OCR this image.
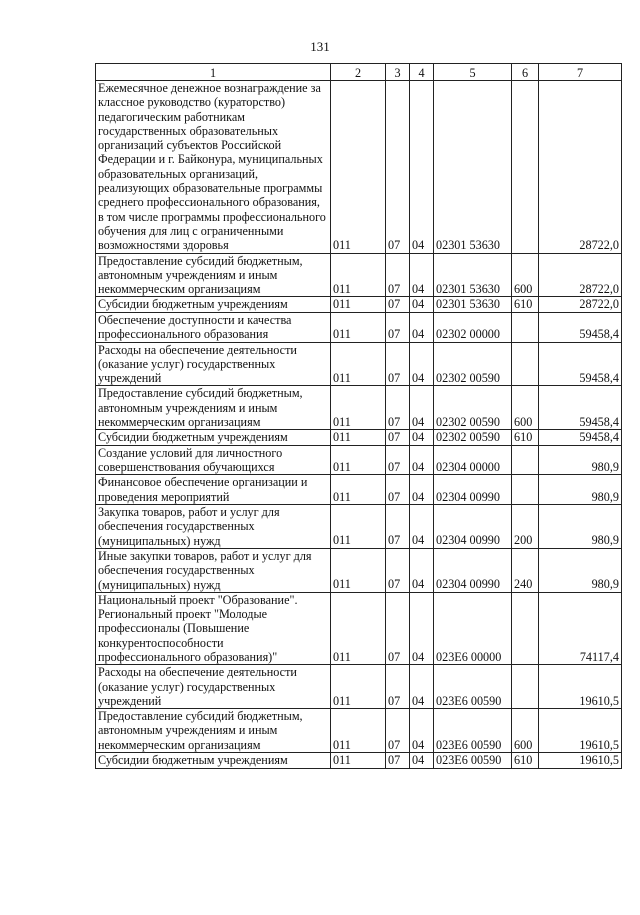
131
1	2	3	4	5	6	7
Ежемесячное денежное вознаграждение за классное руководство (кураторство) педагогическим работникам государственных образовательных организаций субъектов Российской Федерации и г. Байконура, муниципальных образовательных организаций, реализующих образовательные программы среднего профессионального образования, в том числе программы профессионального обучения для лиц с ограниченными возможностями здоровья	011	07	04	02301 53630		28722,0
Предоставление субсидий бюджетным, автономным учреждениям и иным некоммерческим организациям	011	07	04	02301 53630	600	28722,0
Субсидии бюджетным учреждениям	011	07	04	02301 53630	610	28722,0
Обеспечение доступности и качества профессионального образования	011	07	04	02302 00000		59458,4
Расходы на обеспечение деятельности (оказание услуг) государственных учреждений	011	07	04	02302 00590		59458,4
Предоставление субсидий бюджетным, автономным учреждениям и иным некоммерческим организациям	011	07	04	02302 00590	600	59458,4
Субсидии бюджетным учреждениям	011	07	04	02302 00590	610	59458,4
Создание условий для личностного совершенствования обучающихся	011	07	04	02304 00000		980,9
Финансовое обеспечение организации и проведения мероприятий	011	07	04	02304 00990		980,9
Закупка товаров, работ и услуг для обеспечения государственных (муниципальных) нужд	011	07	04	02304 00990	200	980,9
Иные закупки товаров, работ и услуг для обеспечения государственных (муниципальных) нужд	011	07	04	02304 00990	240	980,9
Национальный проект "Образование". Региональный проект "Молодые профессионалы (Повышение конкурентоспособности профессионального образования)"	011	07	04	023E6 00000		74117,4
Расходы на обеспечение деятельности (оказание услуг) государственных учреждений	011	07	04	023E6 00590		19610,5
Предоставление субсидий бюджетным, автономным учреждениям и иным некоммерческим организациям	011	07	04	023E6 00590	600	19610,5
Субсидии бюджетным учреждениям	011	07	04	023E6 00590	610	19610,5
